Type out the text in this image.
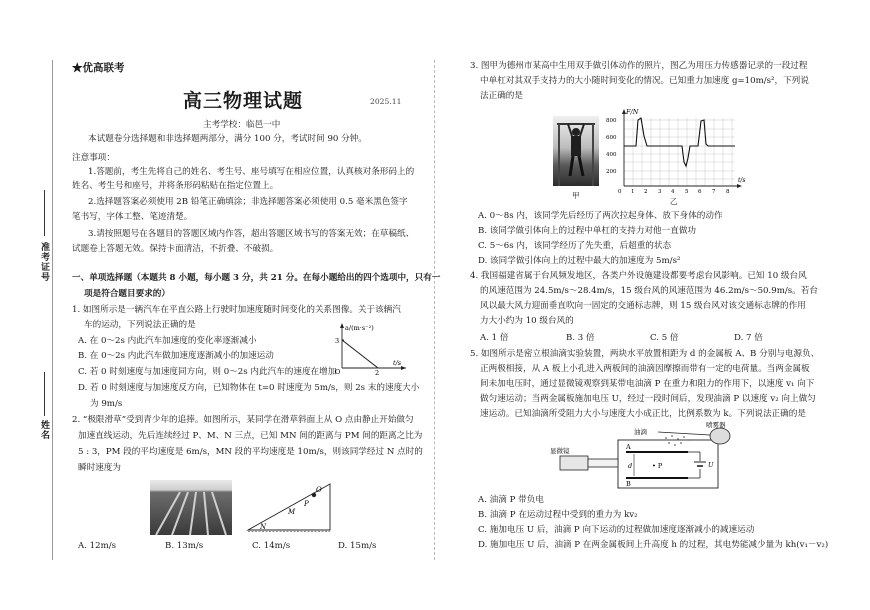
准考证号
姓名
★优高联考
高三物理试题	2025.11
主考学校：临邑一中
本试题卷分选择题和非选择题两部分，满分 100 分，考试时间 90 分钟。
注意事项：
1.答题前，考生先将自己的姓名、考生号、座号填写在相应位置，认真核对条形码上的
姓名、考生号和座号，并将条形码粘贴在指定位置上。
2.选择题答案必须使用 2B 铅笔正确填涂；非选择题答案必须使用 0.5 毫米黑色签字
笔书写，字体工整、笔迹清楚。
3.请按照题号在各题目的答题区域内作答，超出答题区域书写的答案无效；在草稿纸、
试题卷上答题无效。保持卡面清洁，不折叠、不破损。
一、单项选择题（本题共 8 小题，每小题 3 分，共 21 分。在每小题给出的四个选项中，只有一
项是符合题目要求的）
1. 如图所示是一辆汽车在平直公路上行驶时加速度随时间变化的关系图像。关于该辆汽
车的运动，下列说法正确的是
A. 在 0～2s 内此汽车加速度的变化率逐渐减小
B. 在 0～2s 内此汽车做加速度逐渐减小的加速运动
C. 若 0 时刻速度与加速度同方向，则 0～2s 内此汽车的速度在增加
D. 若 0 时刻速度与加速度反方向，已知物体在 t=0 时速度为 5m/s，则 2s 末的速度大小
为 9m/s
a/(m·s⁻²)
3
O	2
t/s
2. “极限滑草”受到青少年的追捧。如图所示，某同学在滑草斜面上从 O 点由静止开始做匀
加速直线运动，先后连续经过 P、M、N 三点，已知 MN 间的距离与 PM 间的距离之比为
5 : 3，PM 段的平均速度是 6m/s，MN 段的平均速度是 10m/s，则该同学经过 N 点时的
瞬时速度为
O
P
M
N
A. 12m/s	B. 13m/s	C. 14m/s	D. 15m/s
3. 图甲为德州市某高中生用双手做引体动作的照片，图乙为用压力传感器记录的一段过程
中单杠对其双手支持力的大小随时间变化的情况。已知重力加速度 g=10m/s²，下列说
法正确的是
甲
F/N
800
600
400
200
0 1 2 3 4 5 6 7 8
t/s
乙
A. 0～8s 内，该同学先后经历了两次拉起身体、放下身体的动作
B. 该同学做引体向上的过程中单杠的支持力对他一直做功
C. 5～6s 内，该同学经历了先失重，后超重的状态
D. 该同学做引体向上的过程中最大的加速度为 5m/s²
4. 我国福建省属于台风频发地区，各类户外设施建设都要考虑台风影响。已知 10 级台风
的风速范围为 24.5m/s～28.4m/s，15 级台风的风速范围为 46.2m/s～50.9m/s。若台
风以最大风力迎面垂直吹向一固定的交通标志牌，则 15 级台风对该交通标志牌的作用
力大小约为 10 级台风的
A. 1 倍	B. 3 倍	C. 5 倍	D. 7 倍
5. 如图所示是密立根油滴实验装置，两块水平放置相距为 d 的金属板 A、B 分别与电源负、
正两极相接，从 A 板上小孔进入两板间的油滴因摩擦而带有一定的电荷量。当两金属板
间未加电压时，通过显微镜观察到某带电油滴 P 在重力和阻力的作用下，以速度 v₁ 向下
做匀速运动；当两金属板施加电压 U，经过一段时间后，发现油滴 P 以速度 v₂ 向上做匀
速运动。已知油滴所受阻力大小与速度大小成正比，比例系数为 k。下列说法正确的是
A
B
d	• P	U
油滴
喷雾器
显微镜
A. 油滴 P 带负电
B. 油滴 P 在运动过程中受到的重力为 kv₂
C. 施加电压 U 后，油滴 P 向下运动的过程做加速度逐渐减小的减速运动
D. 施加电压 U 后，油滴 P 在两金属板间上升高度 h 的过程，其电势能减少量为 kh(v₁－v₂)
